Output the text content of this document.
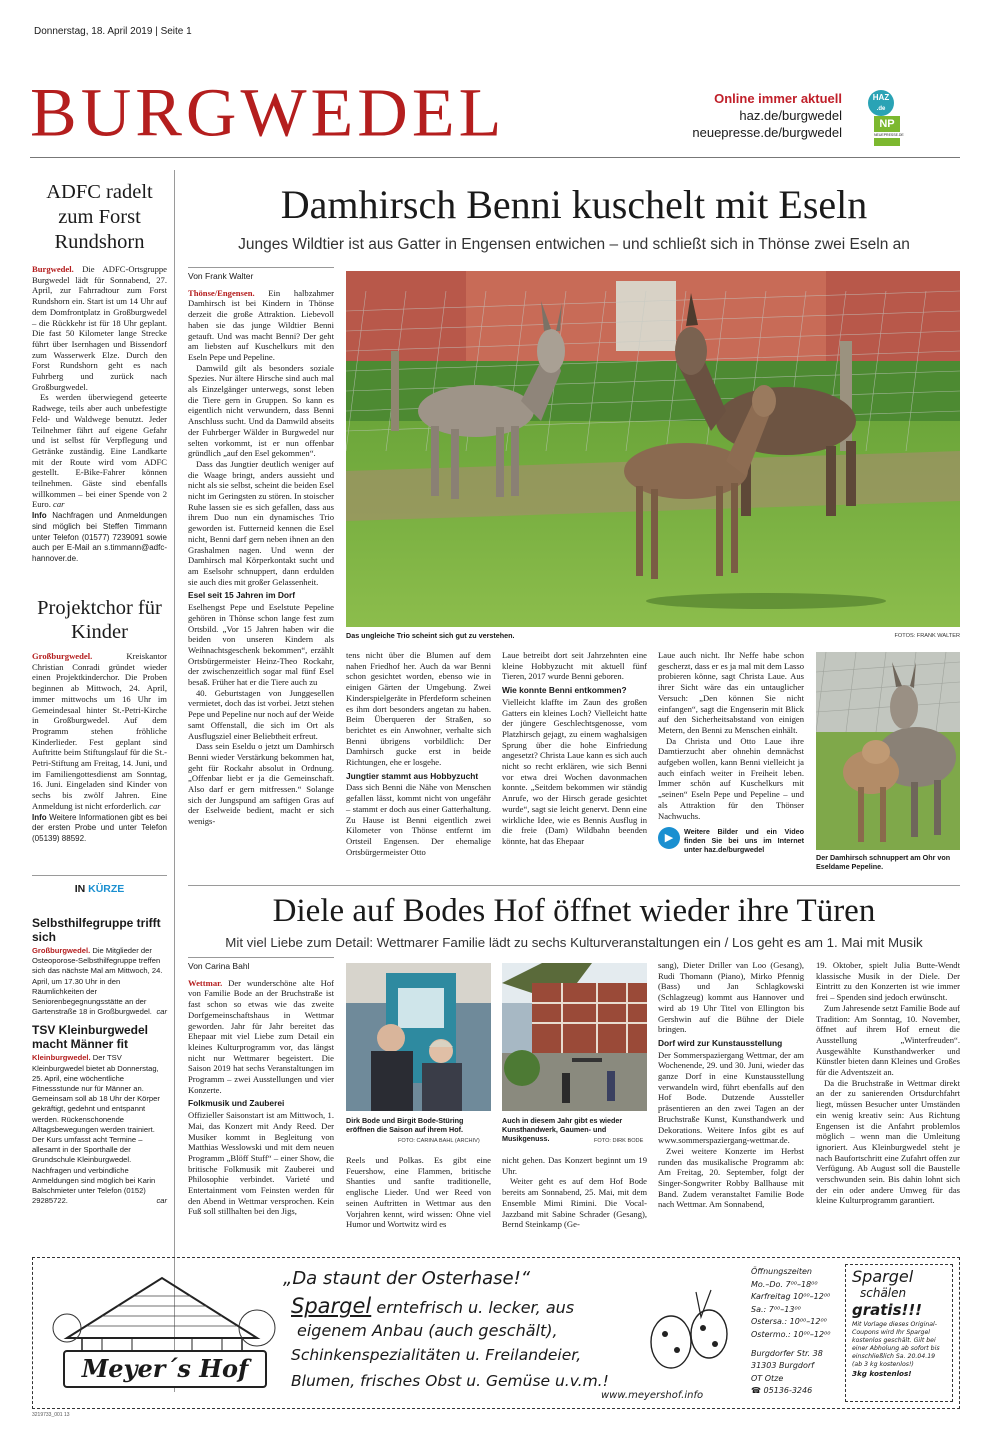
Donnerstag, 18. April 2019 | Seite 1
BURGWEDEL	Online immer aktuell
haz.de/burgwedel
neuepresse.de/burgwedel
HAZ
.de
NP
NEUEPRESSE.DE
ADFC radelt zum Forst Rundshorn

Burgwedel. Die ADFC-Ortsgruppe Burgwedel lädt für Sonnabend, 27. April, zur Fahrradtour zum Forst Rundshorn ein. Start ist um 14 Uhr auf dem Domfrontplatz in Großburgwedel – die Rückkehr ist für 18 Uhr geplant. Die fast 50 Kilometer lange Strecke führt über Isernhagen und Bissendorf zum Wasserwerk Elze. Durch den Forst Rundshorn geht es nach Fuhrberg und zurück nach Großburgwedel.

Es werden überwiegend geteerte Radwege, teils aber auch unbefestigte Feld- und Waldwege benutzt. Jeder Teilnehmer fährt auf eigene Gefahr und ist selbst für Verpflegung und Getränke zuständig. Eine Landkarte mit der Route wird vom ADFC gestellt. E-Bike-Fahrer können teilnehmen. Gäste sind ebenfalls willkommen – bei einer Spende von 2 Euro. car

Info Nachfragen und Anmeldungen sind möglich bei Steffen Timmann unter Telefon (01577) 7239091 sowie auch per E-Mail an s.timmann@adfc-hannover.de.

Projektchor für Kinder

Großburgwedel.	Kreiskantor Christian Conradi gründet wieder einen Projektkinderchor. Die Proben beginnen ab Mittwoch, 24. April, immer mittwochs um 16 Uhr im Gemeindesaal hinter St.-Petri-Kirche in Großburgwedel. Auf dem Programm stehen fröhliche Kinderlieder. Fest geplant sind Auftritte beim Stiftungslauf für die St.-Petri-Stiftung am Freitag, 14. Juni, und im Familiengottesdienst am Sonntag, 16. Juni. Eingeladen sind Kinder von sechs bis zwölf Jahren. Eine Anmeldung ist nicht erforderlich. car

Info Weitere Informationen gibt es bei der ersten Probe und unter Telefon (05139) 88592.

IN KÜRZE
Selbsthilfegruppe trifft sich
Großburgwedel. Die Mitglieder der Osteoporose-Selbsthilfegruppe treffen sich das nächste Mal am Mittwoch, 24. April, um 17.30 Uhr in den Räumlichkeiten der Seniorenbegegnungsstätte an der Gartenstraße 18 in Großburgwedel. car
TSV Kleinburgwedel macht Männer fit
Kleinburgwedel. Der TSV Kleinburgwedel bietet ab Donnerstag, 25. April, eine wöchentliche Fitnessstunde nur für Männer an. Gemeinsam soll ab 18 Uhr der Körper gekräftigt, gedehnt und entspannt werden. Rückenschonende Alltagsbewegungen werden trainiert. Der Kurs umfasst acht Termine – allesamt in der Sporthalle der Grundschule Kleinburgwedel. Nachfragen und verbindliche Anmeldungen sind möglich bei Karin Balschmieter unter Telefon (0152) 29285722.	car
Damhirsch Benni kuschelt mit Eseln
Junges Wildtier ist aus Gatter in Engensen entwichen – und schließt sich in Thönse zwei Eseln an
Von Frank Walter

Thönse/Engensen. Ein halbzahmer Damhirsch ist bei Kindern in Thönse derzeit die große Attraktion. Liebevoll haben sie das junge Wildtier Benni getauft. Und was macht Benni? Der geht am liebsten auf Kuschelkurs mit den Eseln Pepe und Pepeline.

Damwild gilt als besonders soziale Spezies. Nur ältere Hirsche sind auch mal als Einzelgänger unterwegs, sonst leben die Tiere gern in Gruppen. So kann es eigentlich nicht verwundern, dass Benni Anschluss sucht. Und da Damwild abseits der Fuhrberger Wälder in Burgwedel nur selten vorkommt, ist er nun offenbar gründlich „auf den Esel gekommen“.

Dass das Jungtier deutlich weniger auf die Waage bringt, anders aussieht und nicht als sie selbst, scheint die beiden Esel nicht im Geringsten zu stören. In stoischer Ruhe lassen sie es sich gefallen, dass aus ihrem Duo nun ein dynamisches Trio geworden ist. Futterneid kennen die Esel nicht, Benni darf gern neben ihnen an den Grashalmen nagen. Und wenn der Damhirsch mal Körperkontakt sucht und am Eselsohr schnuppert, dann erdulden sie auch dies mit großer Gelassenheit.

Esel seit 15 Jahren im Dorf

Eselhengst Pepe und Eselstute Pepeline gehören in Thönse schon lange fest zum Ortsbild. „Vor 15 Jahren haben wir die beiden von unseren Kindern als Weihnachtsgeschenk bekommen“, erzählt Ortsbürgermeister Heinz-Theo Rockahr, der zwischenzeitlich sogar mal fünf Esel besaß. Früher hat er die Tiere auch zu

40. Geburtstagen von Junggesellen vermietet, doch das ist vorbei. Jetzt stehen Pepe und Pepeline nur noch auf der Weide samt Offenstall, die sich im Ort als Ausflugsziel einer Beliebtheit erfreut.

Dass sein Eseldu o jetzt um Damhirsch Benni wieder Verstärkung bekommen hat, geht für Rockahr absolut in Ordnung. „Offenbar liebt er ja die Gemeinschaft. Also darf er gern mitfressen.“ Solange sich der Jungspund am saftigen Gras auf der Eselweide bedient, macht er sich wenigs-

Das ungleiche Trio scheint sich gut zu verstehen.	FOTOS: FRANK WALTER

tens nicht über die Blumen auf dem nahen Friedhof her. Auch da war Benni schon gesichtet worden, ebenso wie in einigen Gärten der Umgebung. Zwei Kinderspielgeräte in Pferdeform scheinen es ihm dort besonders angetan zu haben. Beim Überqueren der Straßen, so berichtet es ein Anwohner, verhalte sich Benni übrigens vorbildlich: Der Damhirsch gucke erst in beide Richtungen, ehe er losgehe.

Jungtier stammt aus Hobbyzucht

Dass sich Benni die Nähe von Menschen gefallen lässt, kommt nicht von ungefähr – stammt er doch aus einer Gatterhaltung. Zu Hause ist Benni eigentlich zwei Kilometer von Thönse entfernt im Ortsteil Engensen. Der ehemalige Ortsbürgermeister Otto

Laue betreibt dort seit Jahrzehnten eine kleine Hobbyzucht mit aktuell fünf Tieren, 2017 wurde Benni geboren.

Wie konnte Benni entkommen?

Vielleicht klaffte im Zaun des großen Gatters ein kleines Loch? Vielleicht hatte der jüngere Geschlechtsgenosse, vom Platzhirsch gejagt, zu einem waghalsigen Sprung über die hohe Einfriedung angesetzt? Christa Laue kann es sich auch nicht so recht erklären, wie sich Benni vor etwa drei Wochen davonmachen konnte. „Seitdem bekommen wir ständig Anrufe, wo der Hirsch gerade gesichtet wurde“, sagt sie leicht genervt. Denn eine wirkliche Idee, wie es Bennis Ausflug in die freie (Dam) Wildbahn beenden könnte, hat das Ehepaar

Laue auch nicht. Ihr Neffe habe schon gescherzt, dass er es ja mal mit dem Lasso probieren könne, sagt Christa Laue. Aus ihrer Sicht wäre das ein untauglicher Versuch: „Den können Sie nicht einfangen“, sagt die Engenserin mit Blick auf den Sicherheitsabstand von einigen Metern, den Benni zu Menschen einhält.

Da Christa und Otto Laue ihre Damtierzucht aber ohnehin demnächst aufgeben wollen, kann Benni vielleicht ja auch einfach weiter in Freiheit leben. Immer schön auf Kuschelkurs mit „seinen“ Eseln Pepe und Pepeline – und als Attraktion für den Thönser Nachwuchs.

▶
Weitere Bilder und ein Video finden Sie bei uns im Internet unter haz.de/burgwedel
Der Damhirsch schnuppert am Ohr von Eseldame Pepeline.
Diele auf Bodes Hof öffnet wieder ihre Türen
Mit viel Liebe zum Detail: Wettmarer Familie lädt zu sechs Kulturveranstaltungen ein / Los geht es am 1. Mai mit Musik
Von Carina Bahl

Wettmar. Der wunderschöne alte Hof von Familie Bode an der Bruchstraße ist fast schon so etwas wie das zweite Dorfgemeinschaftshaus in Wettmar geworden. Jahr für Jahr bereitet das Ehepaar mit viel Liebe zum Detail ein kleines Kulturprogramm vor, das längst nicht nur Wettmarer begeistert. Die Saison 2019 hat sechs Veranstaltungen im Programm – zwei Ausstellungen und vier Konzerte.

Folkmusik und Zauberei

Offizieller Saisonstart ist am Mittwoch, 1. Mai, das Konzert mit Andy Reed. Der Musiker kommt in Begleitung von Matthias Wesslowski und mit dem neuen Programm „Blöff Stuff“ – einer Show, die britische Folkmusik mit Zauberei und Philosophie verbindet. Varieté und Entertainment vom Feinsten werden für den Abend in Wettmar versprochen. Kein Fuß soll stillhalten bei den Jigs,

Dirk Bode und Birgit Bode-Stüring eröffnen die Saison auf ihrem Hof.
FOTO: CARINA BAHL (ARCHIV)
Auch in diesem Jahr gibt es wieder Kunsthandwerk, Gaumen- und Musikgenuss.	FOTO: DIRK BODE

Reels und Polkas. Es gibt eine Feuershow, eine Flammen, britische Shanties und sanfte traditionelle, englische Lieder. Und wer Reed von seinen Auftritten in Wettmar aus den Vorjahren kennt, wird wissen: Ohne viel Humor und Wortwitz wird es

nicht gehen. Das Konzert beginnt um 19 Uhr.

Weiter geht es auf dem Hof Bode bereits am Sonnabend, 25. Mai, mit dem Ensemble Mimi Rimini. Die Vocal-Jazzband mit Sabine Schrader (Gesang), Bernd Steinkamp (Ge-

sang), Dieter Driller van Loo (Gesang), Rudi Thomann (Piano), Mirko Pfennig (Bass) und Jan Schlagkowski (Schlagzeug) kommt aus Hannover und wird ab 19 Uhr Titel von Ellington bis Gershwin auf die Bühne der Diele bringen.

Dorf wird zur Kunstausstellung

Der Sommerspaziergang Wettmar, der am Wochenende, 29. und 30. Juni, wieder das ganze Dorf in eine Kunstausstellung verwandeln wird, führt ebenfalls auf den Hof Bode. Dutzende Aussteller präsentieren an den zwei Tagen an der Bruchstraße Kunst, Kunsthandwerk und Dekorations. Weitere Infos gibt es auf www.sommerspaziergang-wettmar.de.

Zwei weitere Konzerte im Herbst runden das musikalische Programm ab: Am Freitag, 20. September, folgt der Singer-Songwriter Robby Ballhause mit Band. Zudem veranstaltet Familie Bode nach Wettmar. Am Sonnabend,

19. Oktober, spielt Julia Butte-Wendt klassische Musik in der Diele. Der Eintritt zu den Konzerten ist wie immer frei – Spenden sind jedoch erwünscht.

Zum Jahresende setzt Familie Bode auf Tradition: Am Sonntag, 10. November, öffnet auf ihrem Hof erneut die Ausstellung „Winterfreuden“. Ausgewählte Kunsthandwerker und Künstler bieten dann Kleines und Großes für die Adventszeit an.

Da die Bruchstraße in Wettmar direkt an der zu sanierenden Ortsdurchfahrt liegt, müssen Besucher unter Umständen ein wenig kreativ sein: Aus Richtung Engensen ist die Anfahrt problemlos möglich – wenn man die Umleitung ignoriert. Aus Kleinburgwedel steht je nach Baufortschritt eine Zufahrt offen zur Verfügung. Ab August soll die Baustelle verschwunden sein. Bis dahin lohnt sich der ein oder andere Umweg für das kleine Kulturprogramm garantiert.

Meyer´s Hof
„Da staunt der Osterhase!“
Spargel erntefrisch u. lecker, aus
eigenem Anbau (auch geschält),
Schinkenspezialitäten u. Freilandeier,
Blumen, frisches Obst u. Gemüse u.v.m.!
www.meyershof.info
Öffnungszeiten
Mo.–Do. 7⁰⁰–18⁰⁰
Karfreitag 10⁰⁰–12⁰⁰
Sa.: 7⁰⁰–13⁰⁰
Ostersa.: 10⁰⁰–12⁰⁰
Ostermo.: 10⁰⁰–12⁰⁰
Burgdorfer Str. 38
31303 Burgdorf
OT Otze
☎ 05136-3246
Spargel
schälen
gratis!!!
Mit Vorlage dieses Original-Coupons wird Ihr Spargel kostenlos geschält. Gilt bei einer Abholung ab sofort bis einschließlich Sa. 20.04.19 (ab 3 kg kostenlos!)
3kg kostenlos!
3219733_001 13
